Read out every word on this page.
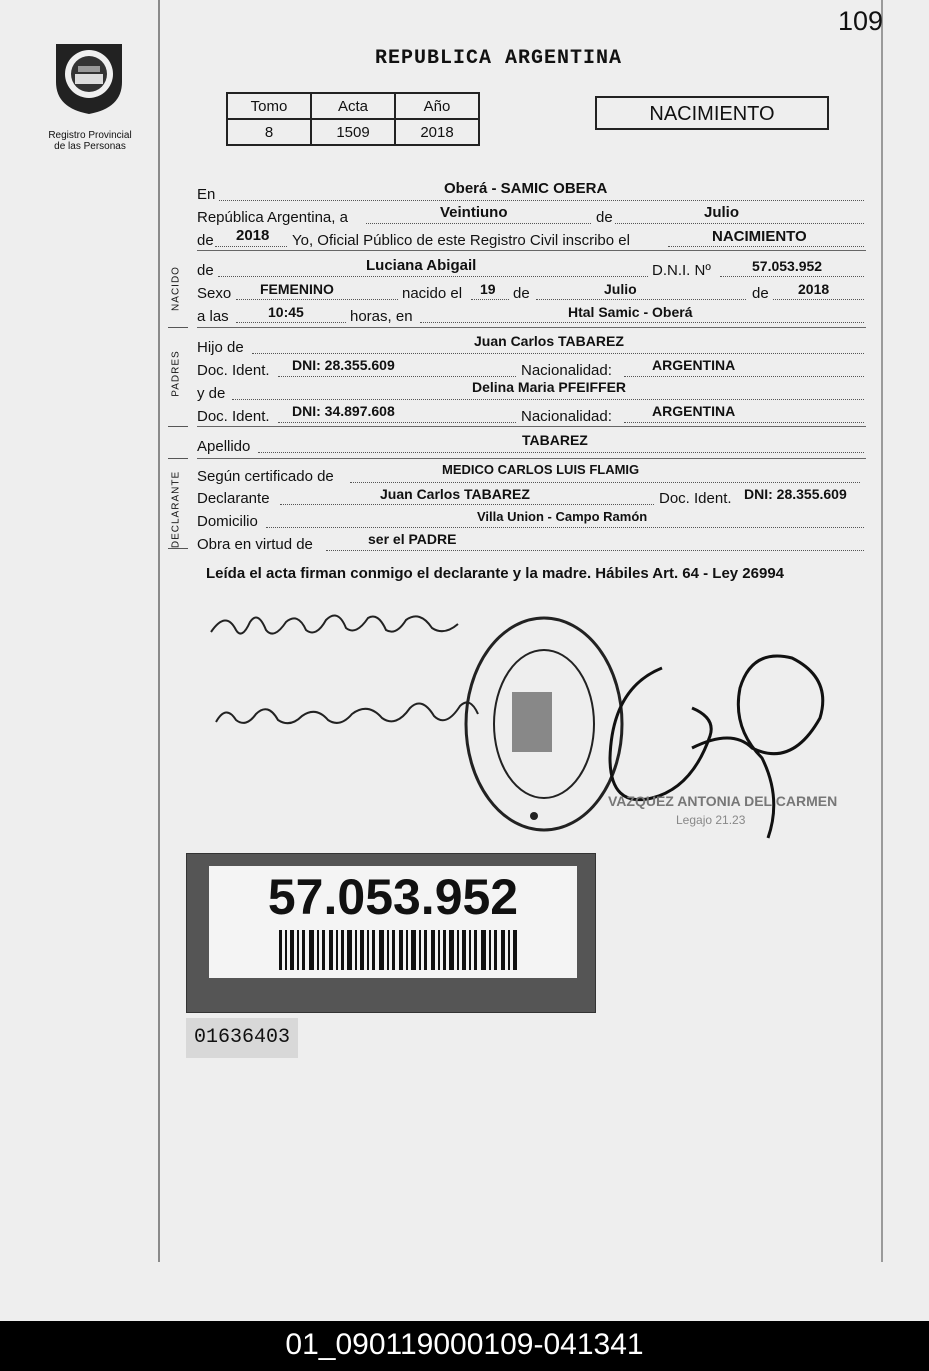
109
Registro Provincial
de las Personas
REPUBLICA ARGENTINA
Tomo	Acta	Año
8	1509	2018
NACIMIENTO
En	Oberá - SAMIC OBERA
República Argentina, a	Veintiuno	de	Julio
de 2018 Yo, Oficial Público de este Registro Civil inscribo el	NACIMIENTO
NACIDO de	Luciana Abigail	D.N.I. Nº	57.053.952
Sexo FEMENINO	nacido el 19 de	Julio	de 2018
a las	10:45	horas, en	Htal Samic - Oberá
PADRES
Hijo de	Juan Carlos TABAREZ
Doc. Ident. DNI: 28.355.609	Nacionalidad:	ARGENTINA
y de	Delina Maria PFEIFFER
Doc. Ident. DNI: 34.897.608	Nacionalidad:	ARGENTINA
Apellido	TABAREZ
DECLARANTE Según certificado de	MEDICO CARLOS LUIS FLAMIG
Declarante	Juan Carlos TABAREZ	Doc. Ident. DNI: 28.355.609
Domicilio	Villa Union - Campo Ramón
Obra en virtud de	ser el PADRE
Leída el acta firman conmigo el declarante y la madre. Hábiles Art. 64 - Ley 26994
VAZQUEZ ANTONIA DEL CARMEN
Legajo 21.23
57.053.952
01636403
01_090119000109-041341
